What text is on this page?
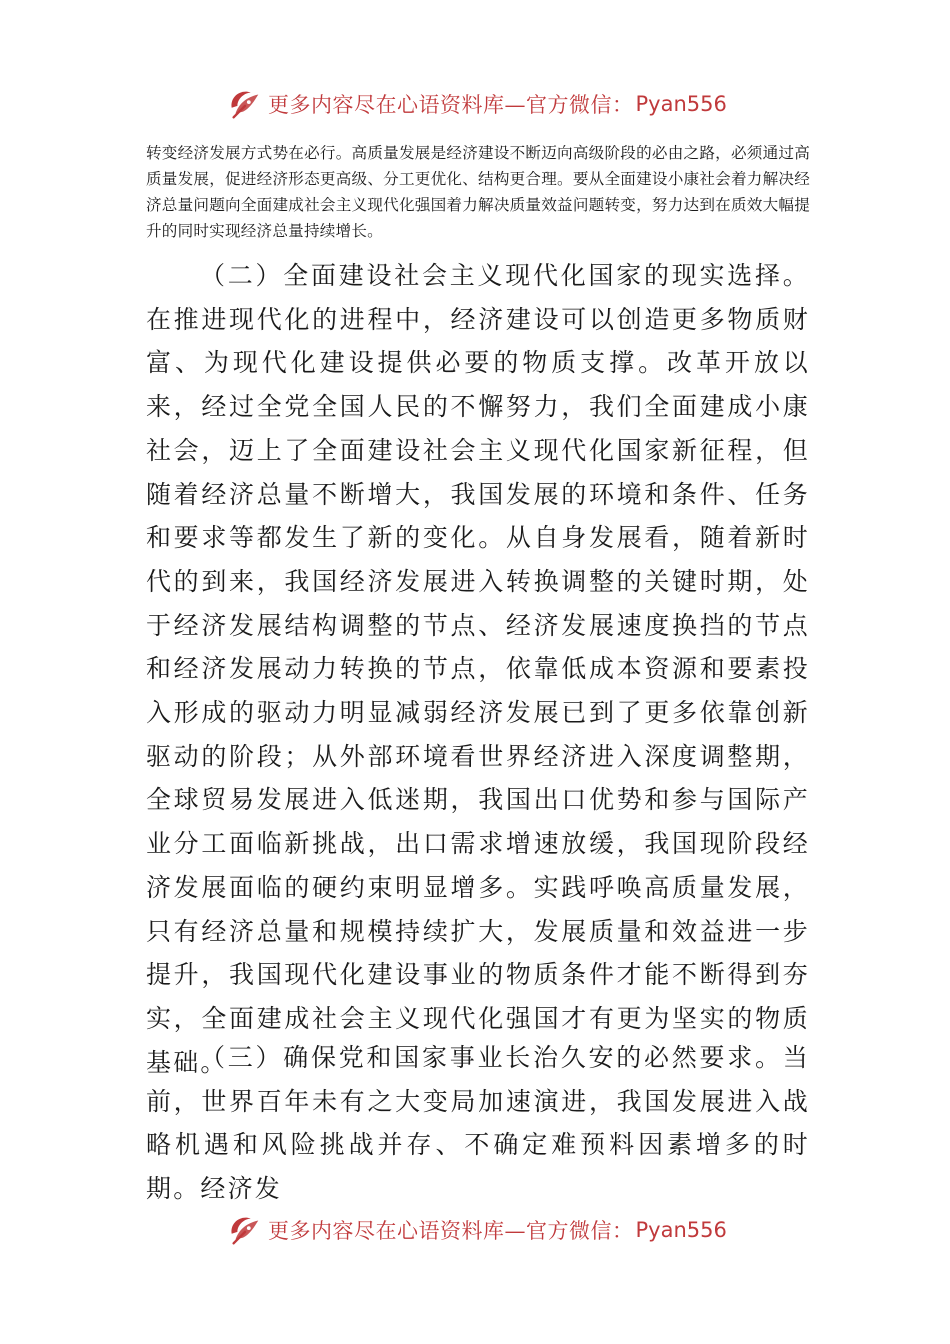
更多内容尽在心语资料库—官方微信： Pyan556

转变经济发展方式势在必行。高质量发展是经济建设不断迈向高级阶段的必由之路，必须通过高质量发展，促进经济形态更高级、分工更优化、结构更合理。要从全面建设小康社会着力解决经济总量问题向全面建成社会主义现代化强国着力解决质量效益问题转变，努力达到在质效大幅提升的同时实现经济总量持续增长。

（二）全面建设社会主义现代化国家的现实选择。在推进现代化的进程中，经济建设可以创造更多物质财富、为现代化建设提供必要的物质支撑。改革开放以来，经过全党全国人民的不懈努力，我们全面建成小康社会，迈上了全面建设社会主义现代化国家新征程，但随着经济总量不断增大，我国发展的环境和条件、任务和要求等都发生了新的变化。从自身发展看，随着新时代的到来，我国经济发展进入转换调整的关键时期，处于经济发展结构调整的节点、经济发展速度换挡的节点和经济发展动力转换的节点，依靠低成本资源和要素投入形成的驱动力明显减弱经济发展已到了更多依靠创新驱动的阶段；从外部环境看世界经济进入深度调整期，全球贸易发展进入低迷期，我国出口优势和参与国际产业分工面临新挑战，出口需求增速放缓，我国现阶段经济发展面临的硬约束明显增多。实践呼唤高质量发展，只有经济总量和规模持续扩大，发展质量和效益进一步提升，我国现代化建设事业的物质条件才能不断得到夯实，全面建成社会主义现代化强国才有更为坚实的物质基础。

（三）确保党和国家事业长治久安的必然要求。当前，世界百年未有之大变局加速演进，我国发展进入战略机遇和风险挑战并存、不确定难预料因素增多的时期。经济发

更多内容尽在心语资料库—官方微信： Pyan556
